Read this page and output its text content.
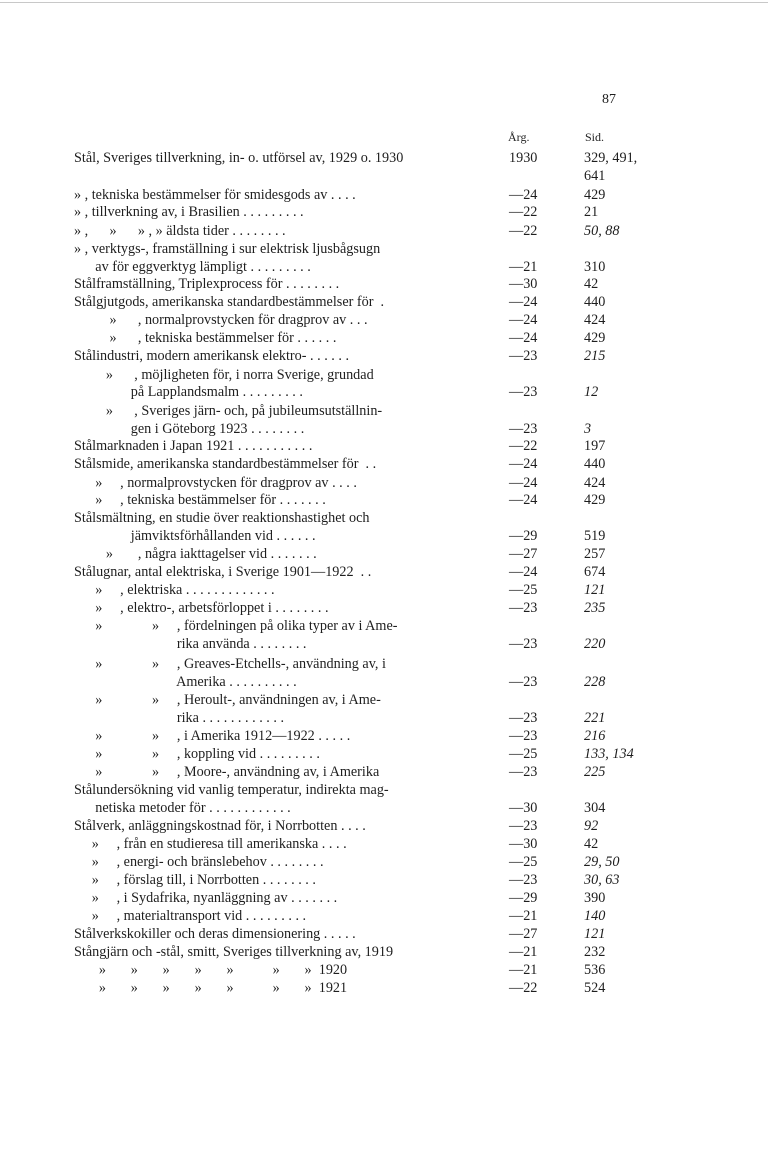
87
Årg.	Sid.
Stål, Sveriges tillverkning, in- o. utförsel av, 1929 o. 1930	1930	329, 491,
641
» , tekniska bestämmelser för smidesgods av . . . .	—24	429
» , tillverkning av, i Brasilien . . . . . . . . .	—22	21
» ,      »      » , » äldsta tider . . . . . . . .	—22	50, 88
» , verktygs-, framställning i sur elektrisk ljusbågsugn
av för eggverktyg lämpligt . . . . . . . . .	—21	310
Stålframställning, Triplexprocess för . . . . . . . .	—30	42
Stålgjutgods, amerikanska standardbestämmelser för  .	—24	440
»      , normalprovstycken för dragprov av . . .	—24	424
»      , tekniska bestämmelser för . . . . . .	—24	429
Stålindustri, modern amerikansk elektro- . . . . . .	—23	215
»      , möjligheten för, i norra Sverige, grundad
på Lapplandsmalm . . . . . . . . .	—23	12
»      , Sveriges järn- och, på jubileumsutställnin-
gen i Göteborg 1923 . . . . . . . .	—23	3
Stålmarknaden i Japan 1921 . . . . . . . . . . .	—22	197
Stålsmide, amerikanska standardbestämmelser för  . .	—24	440
»     , normalprovstycken för dragprov av . . . .	—24	424
»     , tekniska bestämmelser för . . . . . . .	—24	429
Stålsmältning, en studie över reaktionshastighet och
jämviktsförhållanden vid . . . . . .	—29	519
»       , några iakttagelser vid . . . . . . .	—27	257
Stålugnar, antal elektriska, i Sverige 1901—1922  . .	—24	674
»     , elektriska . . . . . . . . . . . . .	—25	121
»     , elektro-, arbetsförloppet i . . . . . . . .	—23	235
»              »     , fördelningen på olika typer av i Ame-
rika använda . . . . . . . .	—23	220
»              »     , Greaves-Etchells-, användning av, i
Amerika . . . . . . . . . .	—23	228
»              »     , Heroult-, användningen av, i Ame-
rika . . . . . . . . . . . .	—23	221
»              »     , i Amerika 1912—1922 . . . . .	—23	216
»              »     , koppling vid . . . . . . . . .	—25	133, 134
»              »     , Moore-, användning av, i Amerika	—23	225
Stålundersökning vid vanlig temperatur, indirekta mag-
netiska metoder för . . . . . . . . . . . .	—30	304
Stålverk, anläggningskostnad för, i Norrbotten . . . .	—23	92
»     , från en studieresa till amerikanska . . . .	—30	42
»     , energi- och bränslebehov . . . . . . . .	—25	29, 50
»     , förslag till, i Norrbotten . . . . . . . .	—23	30, 63
»     , i Sydafrika, nyanläggning av . . . . . . .	—29	390
»     , materialtransport vid . . . . . . . . .	—21	140
Stålverkskokiller och deras dimensionering . . . . .	—27	121
Stångjärn och -stål, smitt, Sveriges tillverkning av, 1919	—21	232
»       »       »       »       »           »       »  1920	—21	536
»       »       »       »       »           »       »  1921	—22	524
